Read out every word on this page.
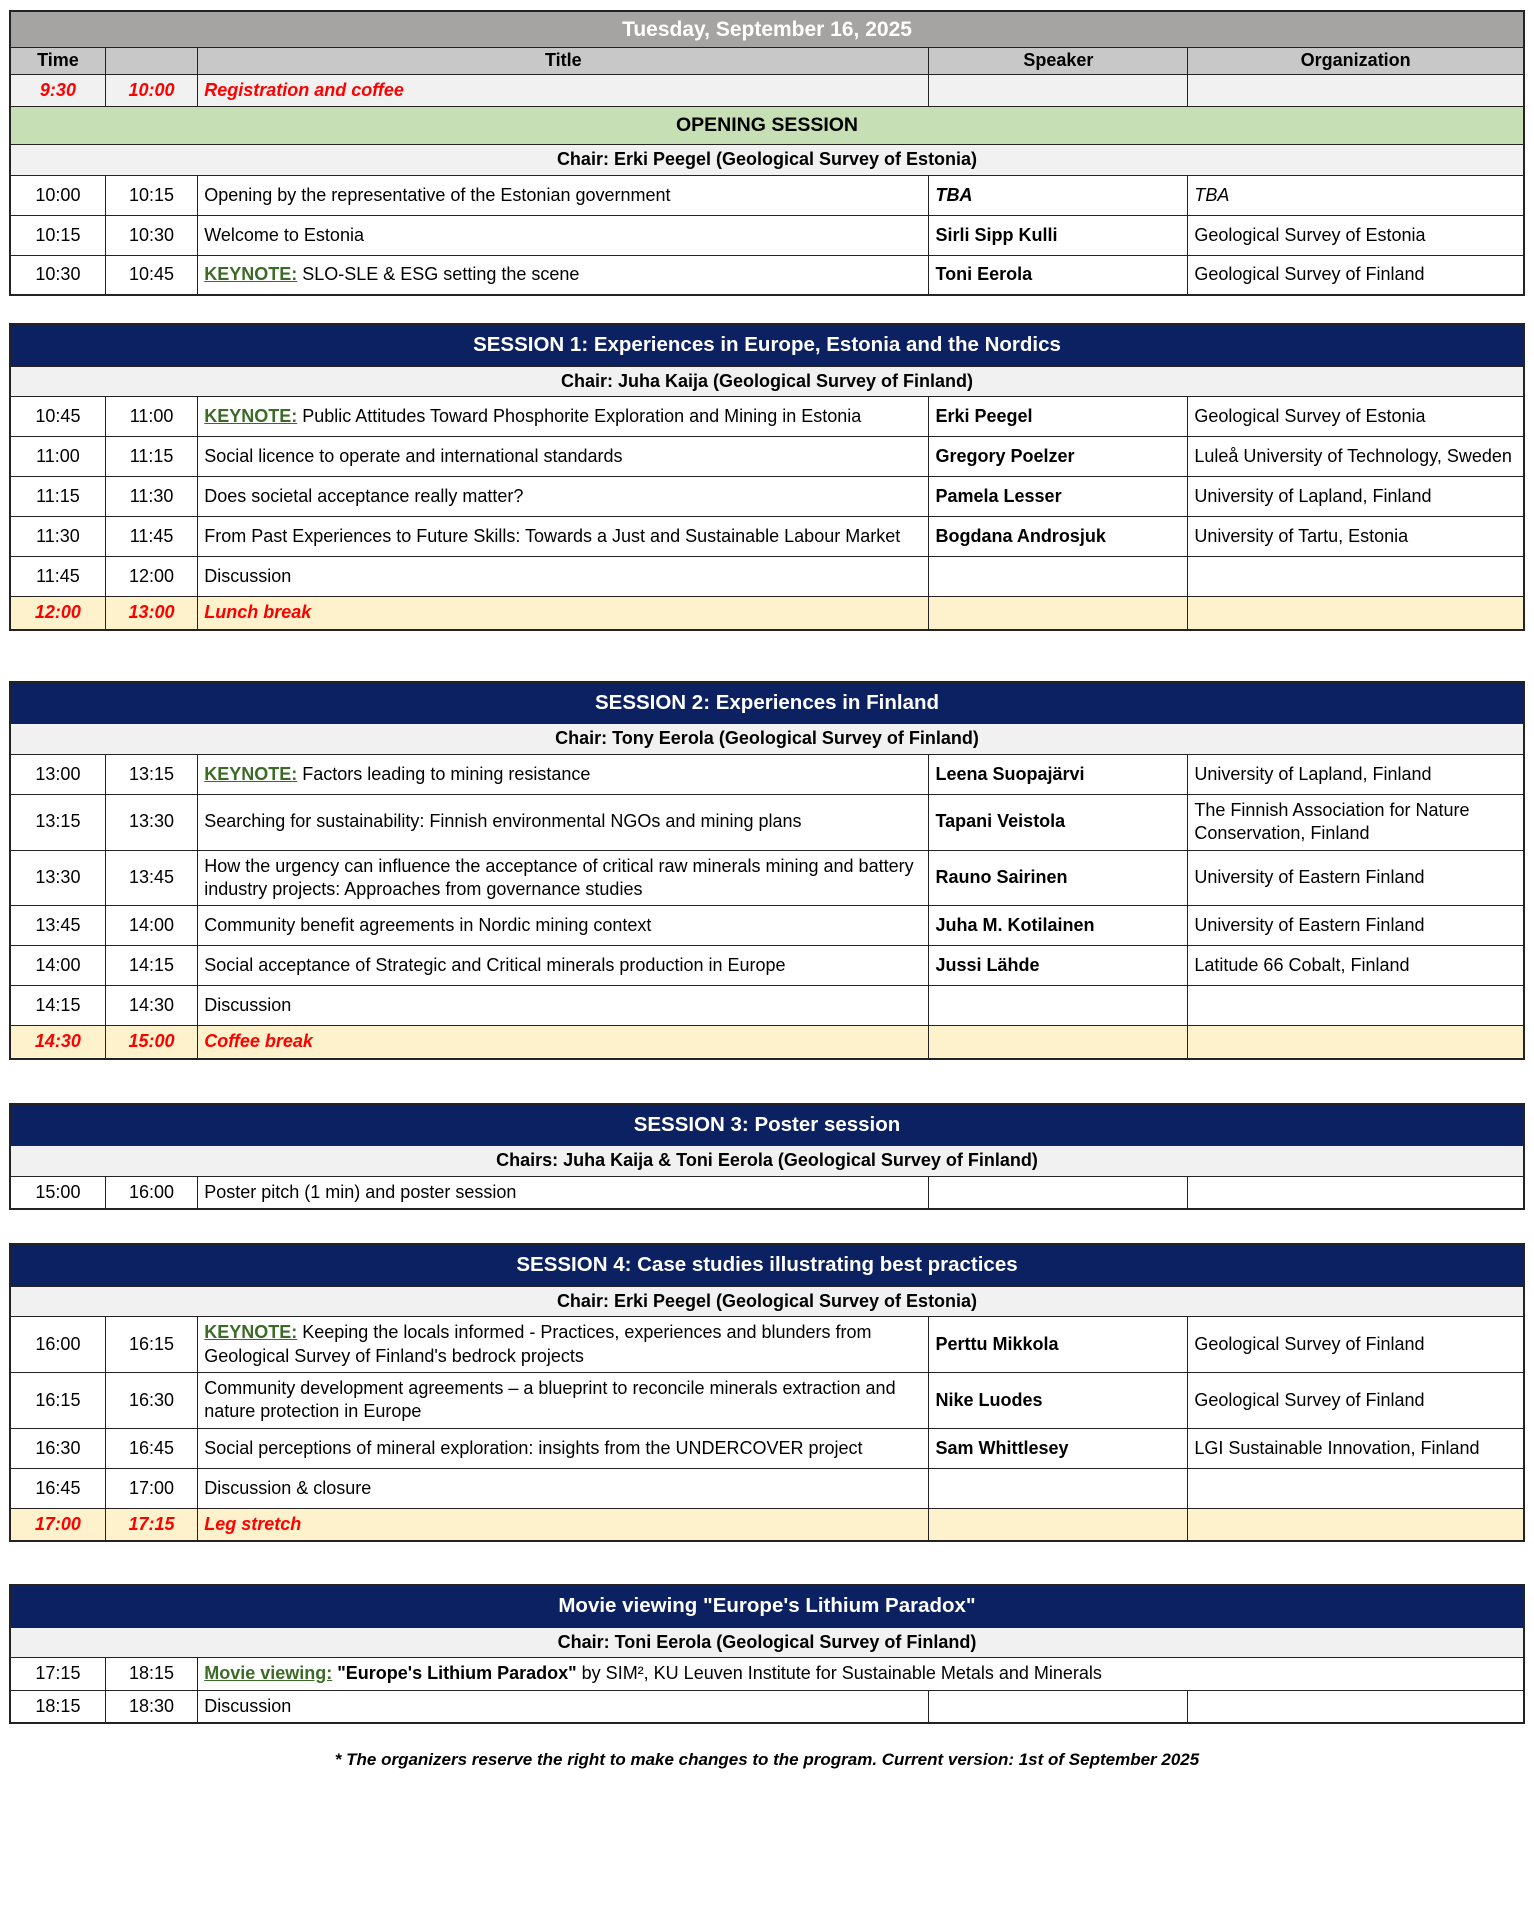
Tuesday, September 16, 2025				
Time		Title	Speaker	Organization
9:30	10:00	Registration and coffee		
OPENING SESSION				
Chair: Erki Peegel (Geological Survey of Estonia)				
10:00	10:15	Opening by the representative of the Estonian government	TBA	TBA
10:15	10:30	Welcome to Estonia	Sirli Sipp Kulli	Geological Survey of Estonia
10:30	10:45	KEYNOTE: SLO-SLE & ESG setting the scene	Toni Eerola	Geological Survey of Finland
SESSION 1: Experiences in Europe, Estonia and the Nordics				
Chair: Juha Kaija (Geological Survey of Finland)				
10:45	11:00	KEYNOTE: Public Attitudes Toward Phosphorite Exploration and Mining in Estonia	Erki Peegel	Geological Survey of Estonia
11:00	11:15	Social licence to operate and international standards	Gregory Poelzer	Luleå University of Technology, Sweden
11:15	11:30	Does societal acceptance really matter?	Pamela Lesser	University of Lapland, Finland
11:30	11:45	From Past Experiences to Future Skills: Towards a Just and Sustainable Labour Market	Bogdana Androsjuk	University of Tartu, Estonia
11:45	12:00	Discussion		
12:00	13:00	Lunch break		
SESSION 2: Experiences in Finland				
Chair: Tony Eerola (Geological Survey of Finland)				
13:00	13:15	KEYNOTE: Factors leading to mining resistance	Leena Suopajärvi	University of Lapland, Finland
13:15	13:30	Searching for sustainability: Finnish environmental NGOs and mining plans	Tapani Veistola	The Finnish Association for Nature Conservation, Finland
13:30	13:45	How the urgency can influence the acceptance of critical raw minerals mining and battery industry projects: Approaches from governance studies	Rauno Sairinen	University of Eastern Finland
13:45	14:00	Community benefit agreements in Nordic mining context	Juha M. Kotilainen	University of Eastern Finland
14:00	14:15	Social acceptance of Strategic and Critical minerals production in Europe	Jussi Lähde	Latitude 66 Cobalt, Finland
14:15	14:30	Discussion		
14:30	15:00	Coffee break		
SESSION 3: Poster session
Chairs: Juha Kaija & Toni Eerola (Geological Survey of Finland)
15:00	16:00	Poster pitch (1 min) and poster session		
SESSION 4: Case studies illustrating best practices				
Chair: Erki Peegel (Geological Survey of Estonia)				
16:00	16:15	KEYNOTE: Keeping the locals informed - Practices, experiences and blunders from Geological Survey of Finland's bedrock projects	Perttu Mikkola	Geological Survey of Finland
16:15	16:30	Community development agreements – a blueprint to reconcile minerals extraction and nature protection in Europe	Nike Luodes	Geological Survey of Finland
16:30	16:45	Social perceptions of mineral exploration: insights from the UNDERCOVER project	Sam Whittlesey	LGI Sustainable Innovation, Finland
16:45	17:00	Discussion & closure		
17:00	17:15	Leg stretch		
Movie viewing "Europe's Lithium Paradox"				
Chair: Toni Eerola (Geological Survey of Finland)				
17:15	18:15	Movie viewing: "Europe's Lithium Paradox" by SIM², KU Leuven Institute for Sustainable Metals and Minerals		
18:15	18:30	Discussion		

* The organizers reserve the right to make changes to the program. Current version: 1st of September 2025
